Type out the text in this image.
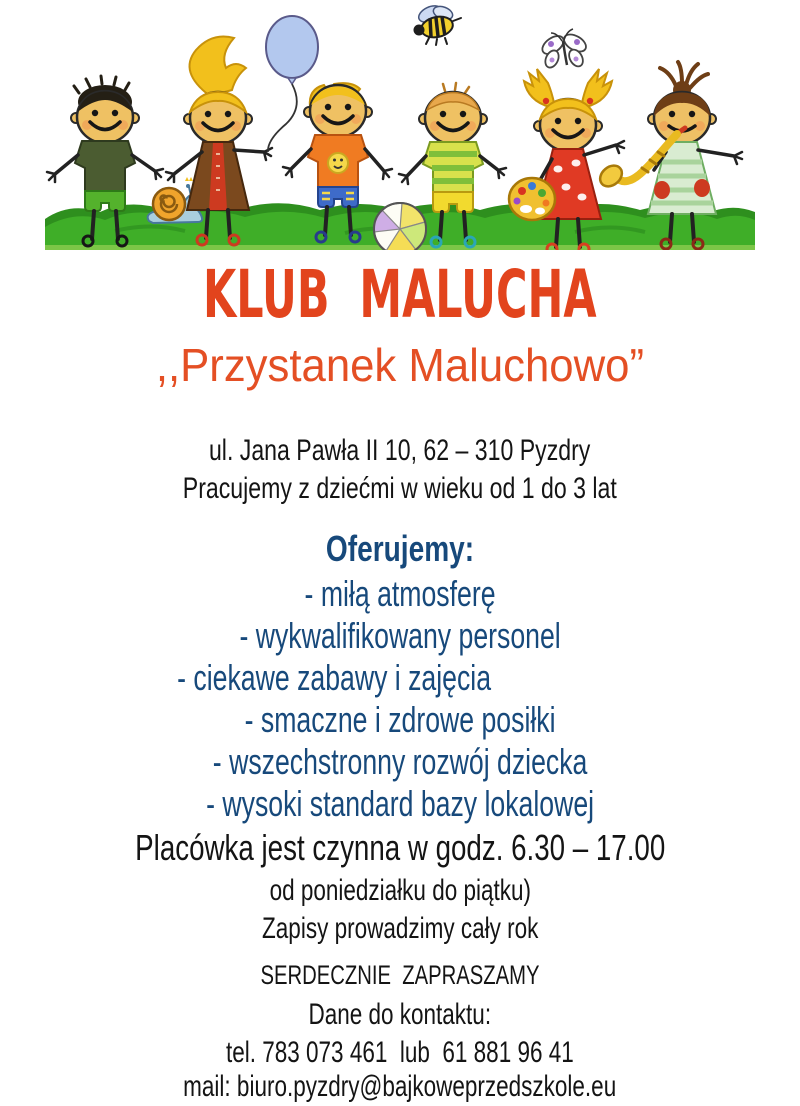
KLUB  MALUCHA
,,Przystanek Maluchowo”
ul. Jana Pawła II 10, 62 – 310 Pyzdry
Pracujemy z dziećmi w wieku od 1 do 3 lat
Oferujemy:
- miłą atmosferę
- wykwalifikowany personel
- ciekawe zabawy i zajęcia
- smaczne i zdrowe posiłki
- wszechstronny rozwój dziecka
- wysoki standard bazy lokalowej
Placówka jest czynna w godz. 6.30 – 17.00
od poniedziałku do piątku)
Zapisy prowadzimy cały rok
SERDECZNIE  ZAPRASZAMY
Dane do kontaktu:
tel. 783 073 461  lub  61 881 96 41
mail: biuro.pyzdry@bajkoweprzedszkole.eu
